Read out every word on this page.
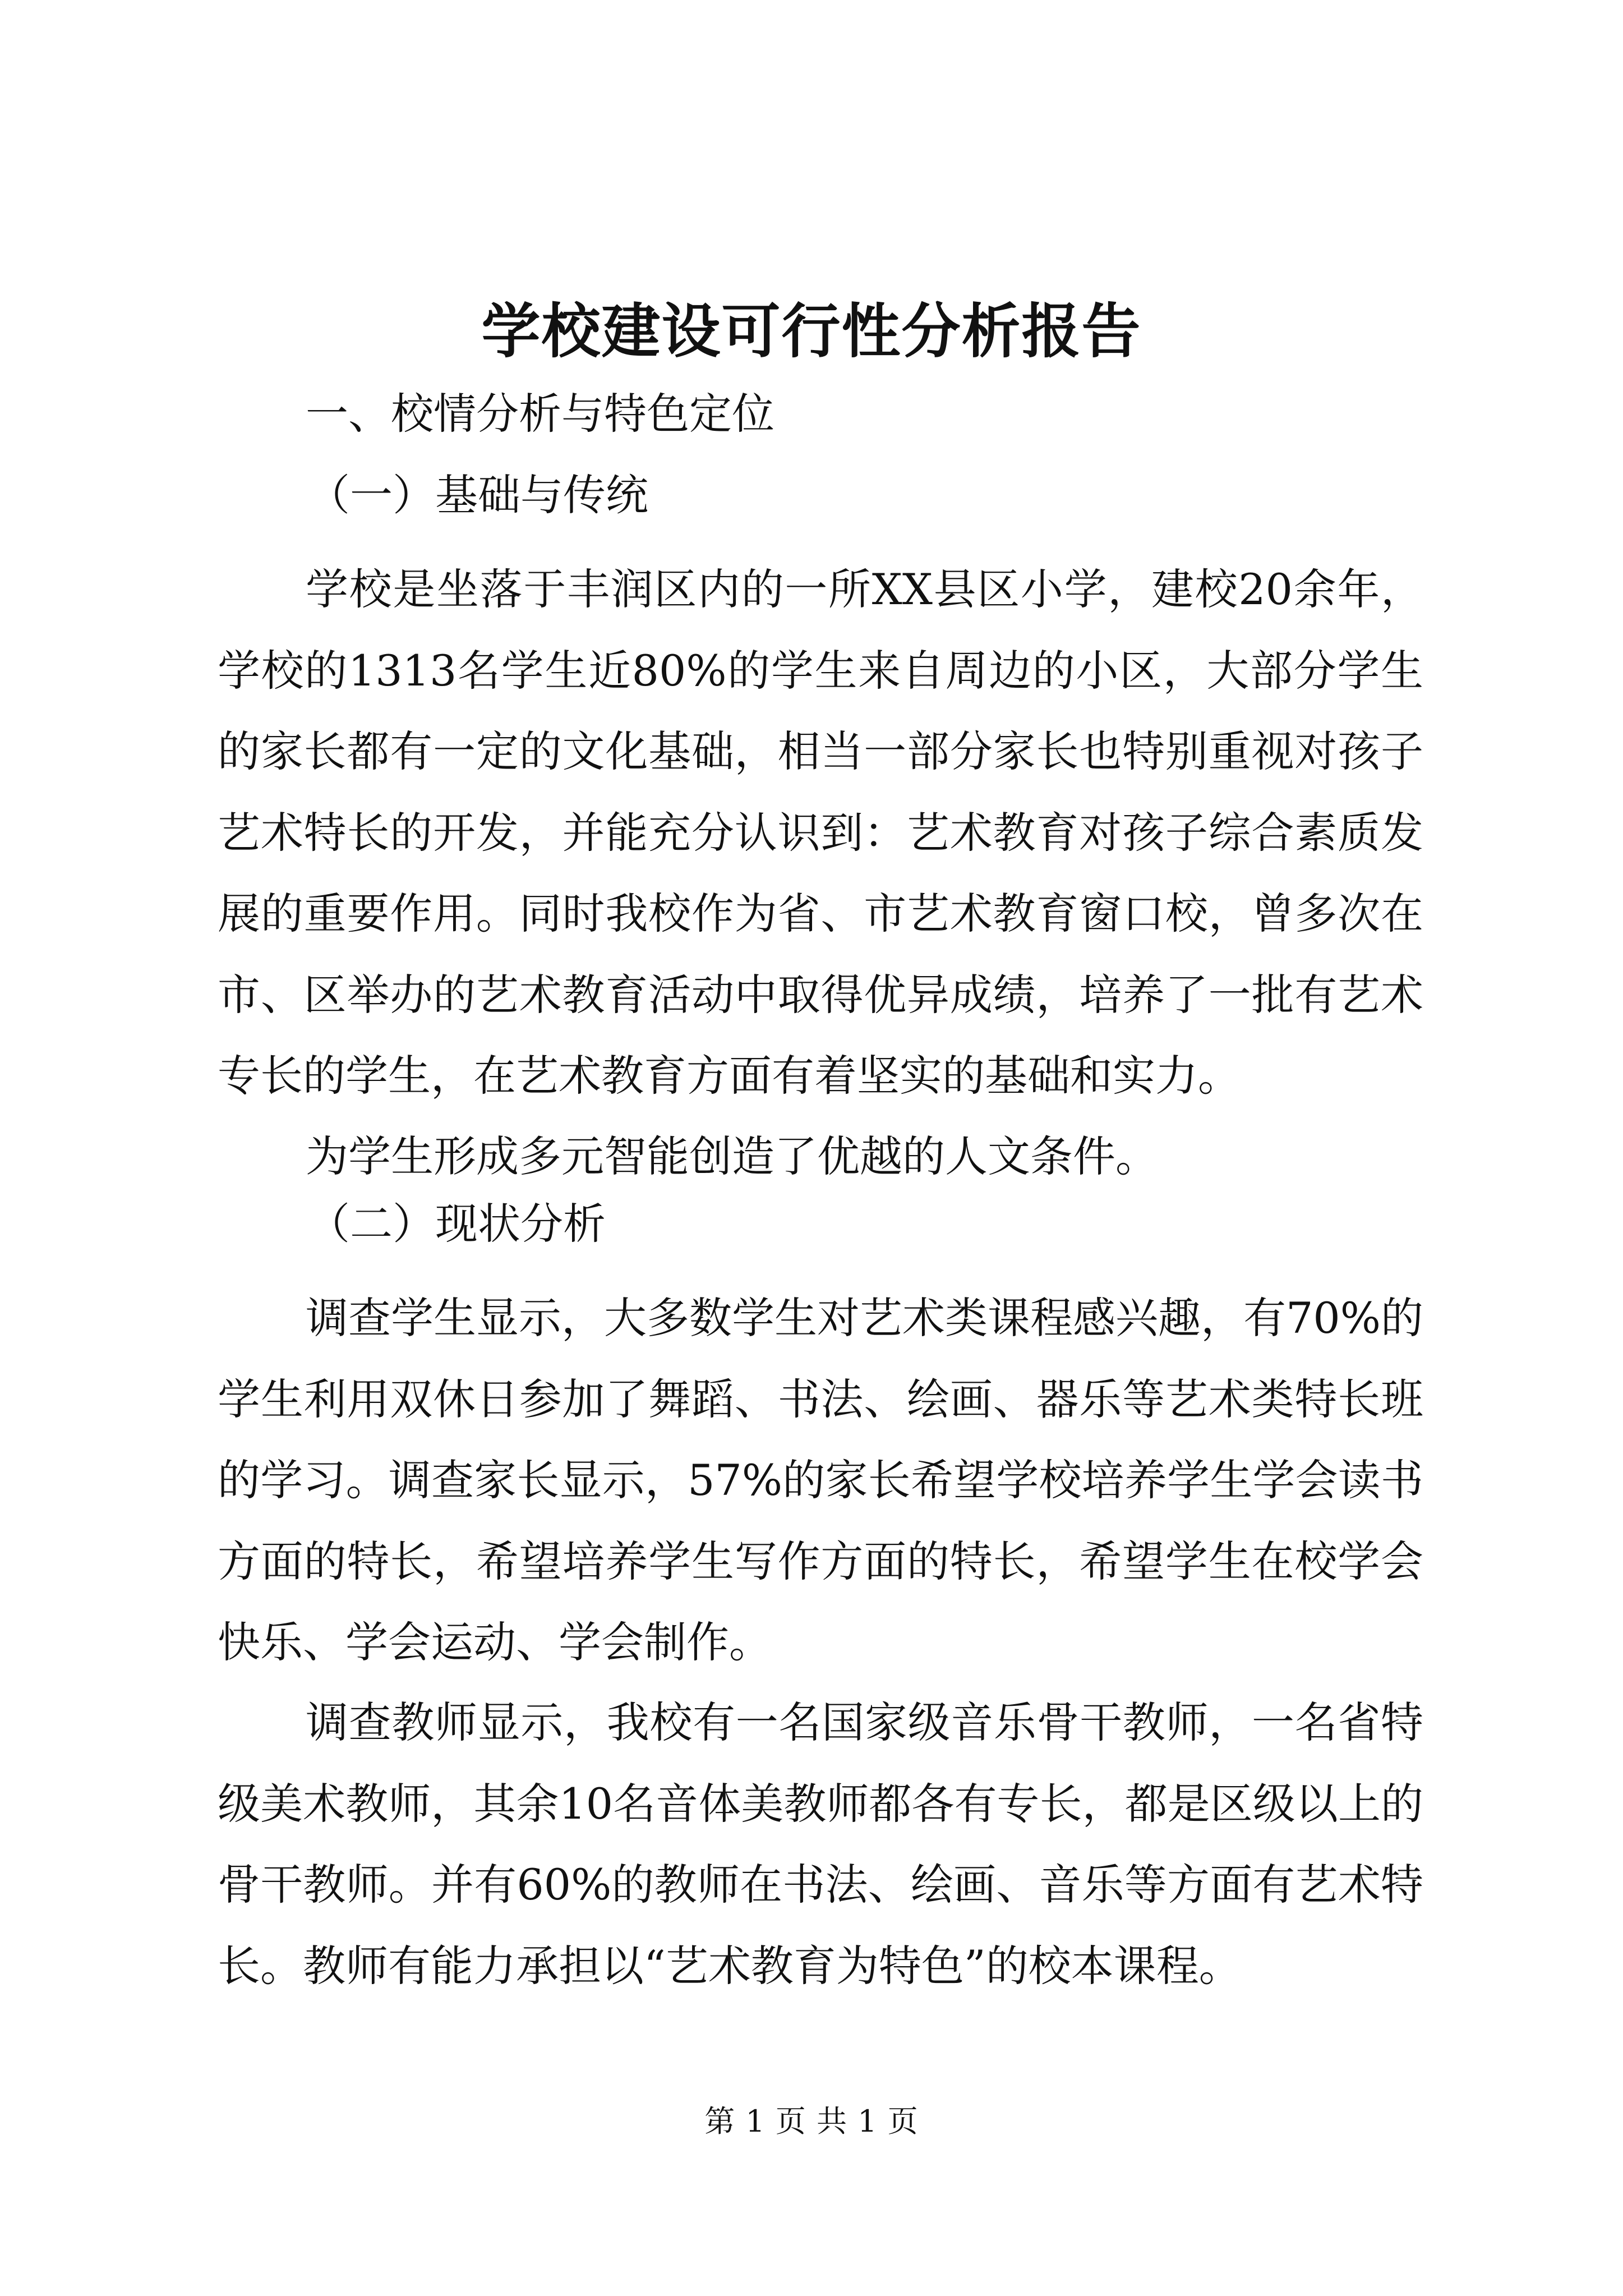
学校建设可行性分析报告
一、校情分析与特色定位
（一）基础与传统

学校是坐落于丰润区内的一所XX县区小学，建校20余年，学校的1313名学生近80%的学生来自周边的小区，大部分学生的家长都有一定的文化基础，相当一部分家长也特别重视对孩子艺术特长的开发，并能充分认识到：艺术教育对孩子综合素质发展的重要作用。同时我校作为省、市艺术教育窗口校，曾多次在市、区举办的艺术教育活动中取得优异成绩，培养了一批有艺术专长的学生，在艺术教育方面有着坚实的基础和实力。

为学生形成多元智能创造了优越的人文条件。

（二）现状分析

调查学生显示，大多数学生对艺术类课程感兴趣，有70%的学生利用双休日参加了舞蹈、书法、绘画、器乐等艺术类特长班的学习。调查家长显示，57%的家长希望学校培养学生学会读书方面的特长，希望培养学生写作方面的特长，希望学生在校学会快乐、学会运动、学会制作。

调查教师显示，我校有一名国家级音乐骨干教师，一名省特级美术教师，其余10名音体美教师都各有专长，都是区级以上的骨干教师。并有60%的教师在书法、绘画、音乐等方面有艺术特长。教师有能力承担以“艺术教育为特色”的校本课程。

第 1 页 共 1 页
